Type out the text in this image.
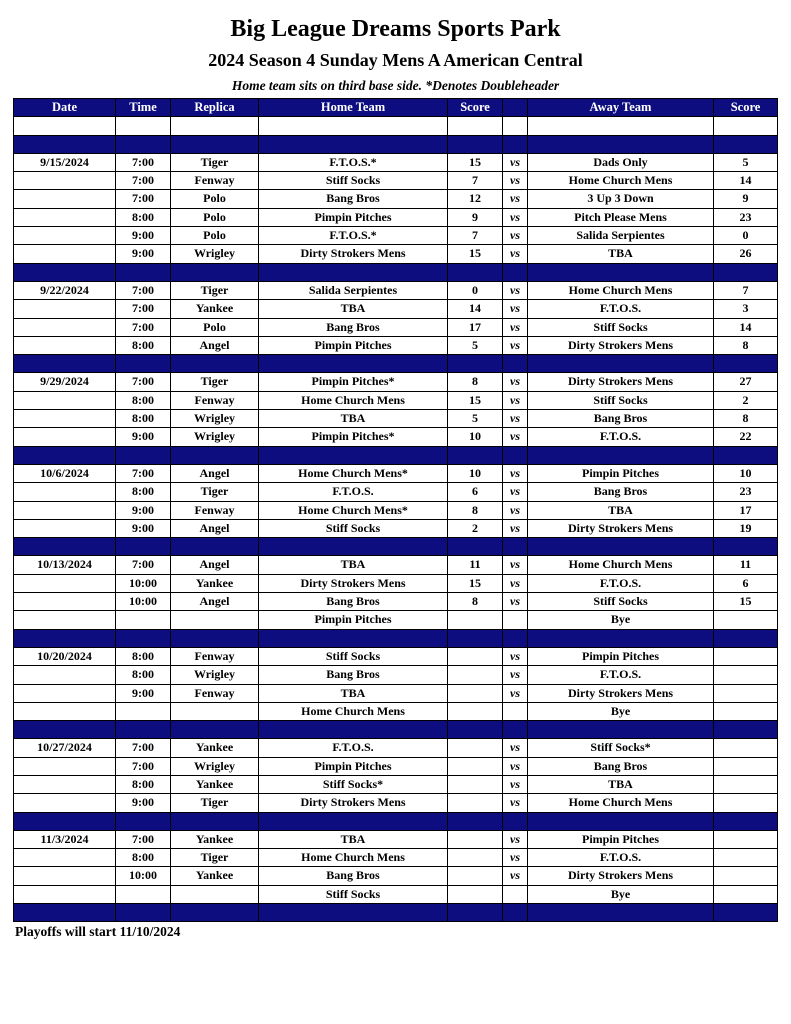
Big League Dreams Sports Park
2024 Season 4 Sunday Mens A American Central
Home team sits on third base side. *Denotes Doubleheader
Date	Time	Replica	Home Team	Score		Away Team	Score

9/15/2024	7:00	Tiger	F.T.O.S.*	15	vs	Dads Only	5
	7:00	Fenway	Stiff Socks	7	vs	Home Church Mens	14
	7:00	Polo	Bang Bros	12	vs	3 Up 3 Down	9
	8:00	Polo	Pimpin Pitches	9	vs	Pitch Please Mens	23
	9:00	Polo	F.T.O.S.*	7	vs	Salida Serpientes	0
	9:00	Wrigley	Dirty Strokers Mens	15	vs	TBA	26

9/22/2024	7:00	Tiger	Salida Serpientes	0	vs	Home Church Mens	7
	7:00	Yankee	TBA	14	vs	F.T.O.S.	3
	7:00	Polo	Bang Bros	17	vs	Stiff Socks	14
	8:00	Angel	Pimpin Pitches	5	vs	Dirty Strokers Mens	8

9/29/2024	7:00	Tiger	Pimpin Pitches*	8	vs	Dirty Strokers Mens	27
	8:00	Fenway	Home Church Mens	15	vs	Stiff Socks	2
	8:00	Wrigley	TBA	5	vs	Bang Bros	8
	9:00	Wrigley	Pimpin Pitches*	10	vs	F.T.O.S.	22

10/6/2024	7:00	Angel	Home Church Mens*	10	vs	Pimpin Pitches	10
	8:00	Tiger	F.T.O.S.	6	vs	Bang Bros	23
	9:00	Fenway	Home Church Mens*	8	vs	TBA	17
	9:00	Angel	Stiff Socks	2	vs	Dirty Strokers Mens	19

10/13/2024	7:00	Angel	TBA	11	vs	Home Church Mens	11
	10:00	Yankee	Dirty Strokers Mens	15	vs	F.T.O.S.	6
	10:00	Angel	Bang Bros	8	vs	Stiff Socks	15
			Pimpin Pitches			Bye	

10/20/2024	8:00	Fenway	Stiff Socks		vs	Pimpin Pitches	
	8:00	Wrigley	Bang Bros		vs	F.T.O.S.	
	9:00	Fenway	TBA		vs	Dirty Strokers Mens	
			Home Church Mens			Bye	

10/27/2024	7:00	Yankee	F.T.O.S.		vs	Stiff Socks*	
	7:00	Wrigley	Pimpin Pitches		vs	Bang Bros	
	8:00	Yankee	Stiff Socks*		vs	TBA	
	9:00	Tiger	Dirty Strokers Mens		vs	Home Church Mens	

11/3/2024	7:00	Yankee	TBA		vs	Pimpin Pitches	
	8:00	Tiger	Home Church Mens		vs	F.T.O.S.	
	10:00	Yankee	Bang Bros		vs	Dirty Strokers Mens	
			Stiff Socks			Bye	

Playoffs will start 11/10/2024
